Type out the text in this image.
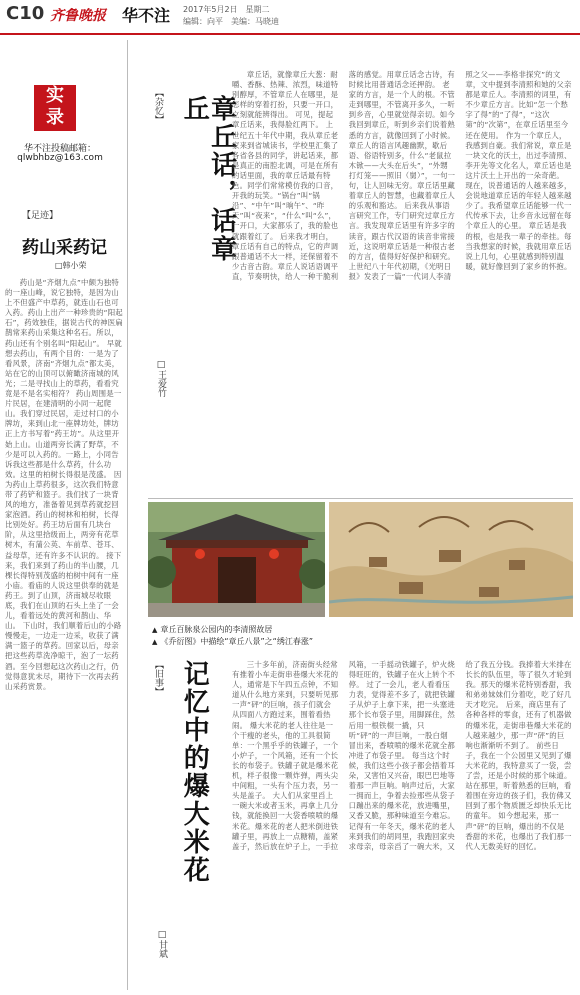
C10 齐鲁晚报 华不注 2017年5月2日　星期二
编辑：向平　美编：马晓迪
实
录
华不注投稿邮箱：
qlwbhbz@163.com
【足迹】
药山采药记
□韩小荣

药山是“齐烟九点”中颇为独特的一座山峰，说它独特，是因为山上不但盛产中草药，就连山石也可入药。药山上出产一种珍贵的“阳起石”，药效独佳，据说古代的神医扁鹊常来药山采集这种名石。所以，药山还有个别名叫“阳起山”。 早就想去药山，有两个目的：一是为了看风景，济南“齐烟九点”都太美，站在它的山顶可以俯瞰济南城的风光；二是寻找山上的草药，看看究竟是不是名实相符？ 药山周围是一片民居，在建清明的小同一起爬山。我们穿过民居，走过村口的小牌坊，来到山北一座牌坊处，牌坊正上方书写着“药王坊”。从这里开始上山。山道两旁长满了野草，不少是可以入药的。一路上，小同告诉我这些都是什么草药，什么功效。这里的柏树长得很是茂盛。 因为药山上草药很多，这次我们特意带了药铲和篮子。我们找了一块背风的地方，准备着见到草药就挖回家泡酒。药山的树林和柏树，长得比别处好。药王坊后面有几块台阶，从这里拾级而上，两旁有花草树木，有蒲公英、车前草、苍耳、益母草，还有许多不认识的。 接下来，我们来到了药山的半山腰，几棵长得特别茂盛的柏树中间有一座小庙。看庙的人说这里供奉的就是药王。到了山顶，济南城尽收眼底，我们在山顶的石头上坐了一会儿，看着远处的黄河和鹊山、华山。 下山时，我们顺着后山的小路慢慢走，一边走一边采，收获了满满一篮子的草药。回家以后，母亲把这些药草洗净晾干，泡了一坛药酒。至今回想起这次药山之行，仍觉得意犹未尽，期待下一次再去药山采药赏景。

【杂忆】	章丘话，话章丘
□王爱竹

章丘话，就像章丘大葱：耐嚼、香酥、热辣、浓烈，味道特别醇厚，不管章丘人在哪里，是怎样的穿着打扮，只要一开口，立刻就能辨得出。 可见，提起章丘话来，我得脸红两下。 上世纪五十年代中期，我从章丘老家来到省城读书，学校里汇集了各省各县的同学，讲起话来，都是真正的南腔北调，可是在所有的话里面，我的章丘话最有特色。同学们常常模仿我的口音，开我的玩笑。“锅台”叫“锅沿”、“中午”叫“晌午”、“昨天”叫“夜来”，“什么”叫“么”，一开口，大家都乐了，我的脸也就跟着红了。 后来我才明白，章丘话有自己的特点，它的声调跟普通话不大一样，还保留着不少古音古韵。章丘人说话语调平直，节奏明快，给人一种干脆利落的感觉。用章丘话念古诗，有时候比用普通话念还押韵。 老家的方言，是一个人的根。不管走到哪里，不管离开多久，一听到乡音，心里就觉得亲切。如今我回到章丘，听到乡亲们说着熟悉的方言，就像回到了小时候。 章丘人的语言风趣幽默，歇后语、俗语特别多，什么“老鼠拉木锨——大头在后头”，“外甥打灯笼——照旧（舅）”，一句一句，让人回味无穷。章丘话里藏着章丘人的智慧，也藏着章丘人的乐观和豁达。 后来我从事语言研究工作，专门研究过章丘方言。我发现章丘话里有许多字的读音，跟古代汉语的读音非常接近，这说明章丘话是一种很古老的方言，值得好好保护和研究。 上世纪八十年代初期，《光明日报》发表了一篇“一代词人李清照之父——李格非探究”的文章，文中提到李清照和她的父亲都是章丘人。李清照的词里，有不少章丘方言。比如“怎一个愁字了得”的“了得”，“这次第”的“次第”，在章丘话里至今还在使用。 作为一个章丘人，我感到自豪。我们常说，章丘是一块文化的沃土，出过李清照、李开先等文化名人，章丘话也是这片沃土上开出的一朵奇葩。 现在，说普通话的人越来越多，会说地道章丘话的年轻人越来越少了。我希望章丘话能够一代一代传承下去，让乡音永远留在每个章丘人的心里。 章丘话是我的根，也是我一辈子的牵挂。每当我想家的时候，我就用章丘话说上几句，心里就感到特别温暖，就好像回到了家乡的怀抱。

▲ 章丘百脉泉公园内的李清照故居
▲ 《乔衍图》中描绘“章丘八景”之“绣江春涨”
【旧事】 记忆中的爆大米花
□甘斌

三十多年前，济南街头经常有推着小车走街串巷爆大米花的人，通常是下午四五点钟，不知道从什么地方来到，只要听见那一声“砰”的巨响，孩子们就会从四面八方跑过来，围着看热闹。 爆大米花的老人往往是一个干瘦的老头，他的工具很简单：一个黑乎乎的铁罐子，一个小炉子，一个风箱，还有一个长长的布袋子。铁罐子就是爆米花机，样子很像一颗炸弹，两头尖中间粗，一头有个压力表，另一头是盖子。 大人们从家里舀上一碗大米或者玉米，再拿上几分钱，就能换回一大袋香喷喷的爆米花。爆米花的老人把米倒进铁罐子里，再放上一点糖精，盖紧盖子，然后放在炉子上，一手拉风箱，一手摇动铁罐子，炉火烧得旺旺的，铁罐子在火上转个不停。 过了一会儿，老人看看压力表，觉得差不多了，就把铁罐子从炉子上拿下来，把一头塞进那个长布袋子里，用脚踩住，然后用一根铁棍一撬，只听“砰”的一声巨响，一股白烟冒出来，香喷喷的爆米花就全都冲进了布袋子里。 每当这个时候，我们这些小孩子都会捂着耳朵，又害怕又兴奋，眼巴巴地等着那一声巨响。响声过后，大家一拥而上，争着去捡那些从袋子口蹦出来的爆米花，放进嘴里，又香又脆，那种味道至今难忘。 记得有一年冬天，爆米花的老人来到我们的胡同里，我跑回家央求母亲，母亲舀了一碗大米，又给了我五分钱。我捧着大米排在长长的队伍里，等了很久才轮到我。那天的爆米花特别香甜，我和弟弟妹妹们分着吃，吃了好几天才吃完。 后来，商店里有了各种各样的零食，还有了机器做的爆米花，走街串巷爆大米花的人越来越少，那一声“砰”的巨响也渐渐听不到了。 前些日子，我在一个公园里又见到了爆大米花的，我特意买了一袋，尝了尝，还是小时候的那个味道。站在那里，听着熟悉的巨响，看着围在旁边的孩子们，我仿佛又回到了那个物质匮乏却快乐无比的童年。 如今想起来，那一声“砰”的巨响，爆出的不仅是香甜的米花，也爆出了我们那一代人无数美好的回忆。
